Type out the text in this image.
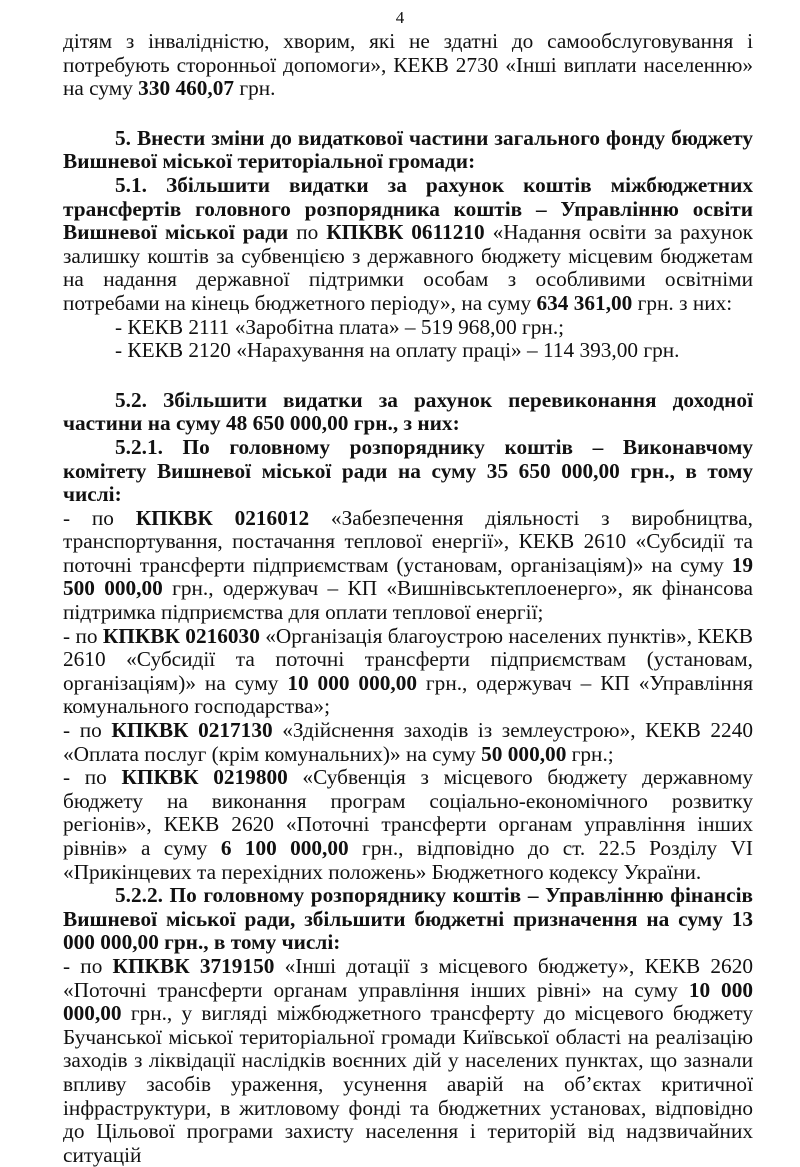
4

дітям з інвалідністю, хворим, які не здатні до самообслуговування і потребують сторонньої допомоги», КЕКВ 2730 «Інші виплати населенню» на суму 330 460,07 грн.

5. Внести зміни до видаткової частини загального фонду бюджету Вишневої міської територіальної громади:

5.1. Збільшити видатки за рахунок коштів міжбюджетних трансфертів головного розпорядника коштів – Управлінню освіти Вишневої міської ради по КПКВК 0611210 «Надання освіти за рахунок залишку коштів за субвенцією з державного бюджету місцевим бюджетам на надання державної підтримки особам з особливими освітніми потребами на кінець бюджетного періоду», на суму 634 361,00 грн. з них:

- КЕКВ 2111 «Заробітна плата» – 519 968,00 грн.;

- КЕКВ 2120 «Нарахування на оплату праці» – 114 393,00 грн.

5.2. Збільшити видатки за рахунок перевиконання доходної частини на суму 48 650 000,00 грн., з них:

5.2.1. По головному розпоряднику коштів – Виконавчому комітету Вишневої міської ради на суму 35 650 000,00 грн., в тому числі:

- по КПКВК 0216012 «Забезпечення діяльності з виробництва, транспортування, постачання теплової енергії», КЕКВ 2610 «Субсидії та поточні трансферти підприємствам (установам, організаціям)» на суму 19 500 000,00 грн., одержувач – КП «Вишнівськтеплоенерго», як фінансова підтримка підприємства для оплати теплової енергії;

- по КПКВК 0216030 «Організація благоустрою населених пунктів», КЕКВ 2610 «Субсидії та поточні трансферти підприємствам (установам, організаціям)» на суму 10 000 000,00 грн., одержувач – КП «Управління комунального господарства»;

- по КПКВК 0217130 «Здійснення заходів із землеустрою», КЕКВ 2240 «Оплата послуг (крім комунальних)» на суму 50 000,00 грн.;

- по КПКВК 0219800 «Субвенція з місцевого бюджету державному бюджету на виконання програм соціально-економічного розвитку регіонів», КЕКВ 2620 «Поточні трансферти органам управління інших рівнів» а суму 6 100 000,00 грн., відповідно до ст. 22.5 Розділу VI «Прикінцевих та перехідних положень» Бюджетного кодексу України.

5.2.2. По головному розпоряднику коштів – Управлінню фінансів Вишневої міської ради, збільшити бюджетні призначення на суму 13 000 000,00 грн., в тому числі:

- по КПКВК 3719150 «Інші дотації з місцевого бюджету», КЕКВ 2620 «Поточні трансферти органам управління інших рівні» на суму 10 000 000,00 грн., у вигляді міжбюджетного трансферту до місцевого бюджету Бучанської міської територіальної громади Київської області на реалізацію заходів з ліквідації наслідків воєнних дій у населених пунктах, що зазнали впливу засобів ураження, усунення аварій на об’єктах критичної інфраструктури, в житловому фонді та бюджетних установах, відповідно до Цільової програми захисту населення і територій від надзвичайних ситуацій
